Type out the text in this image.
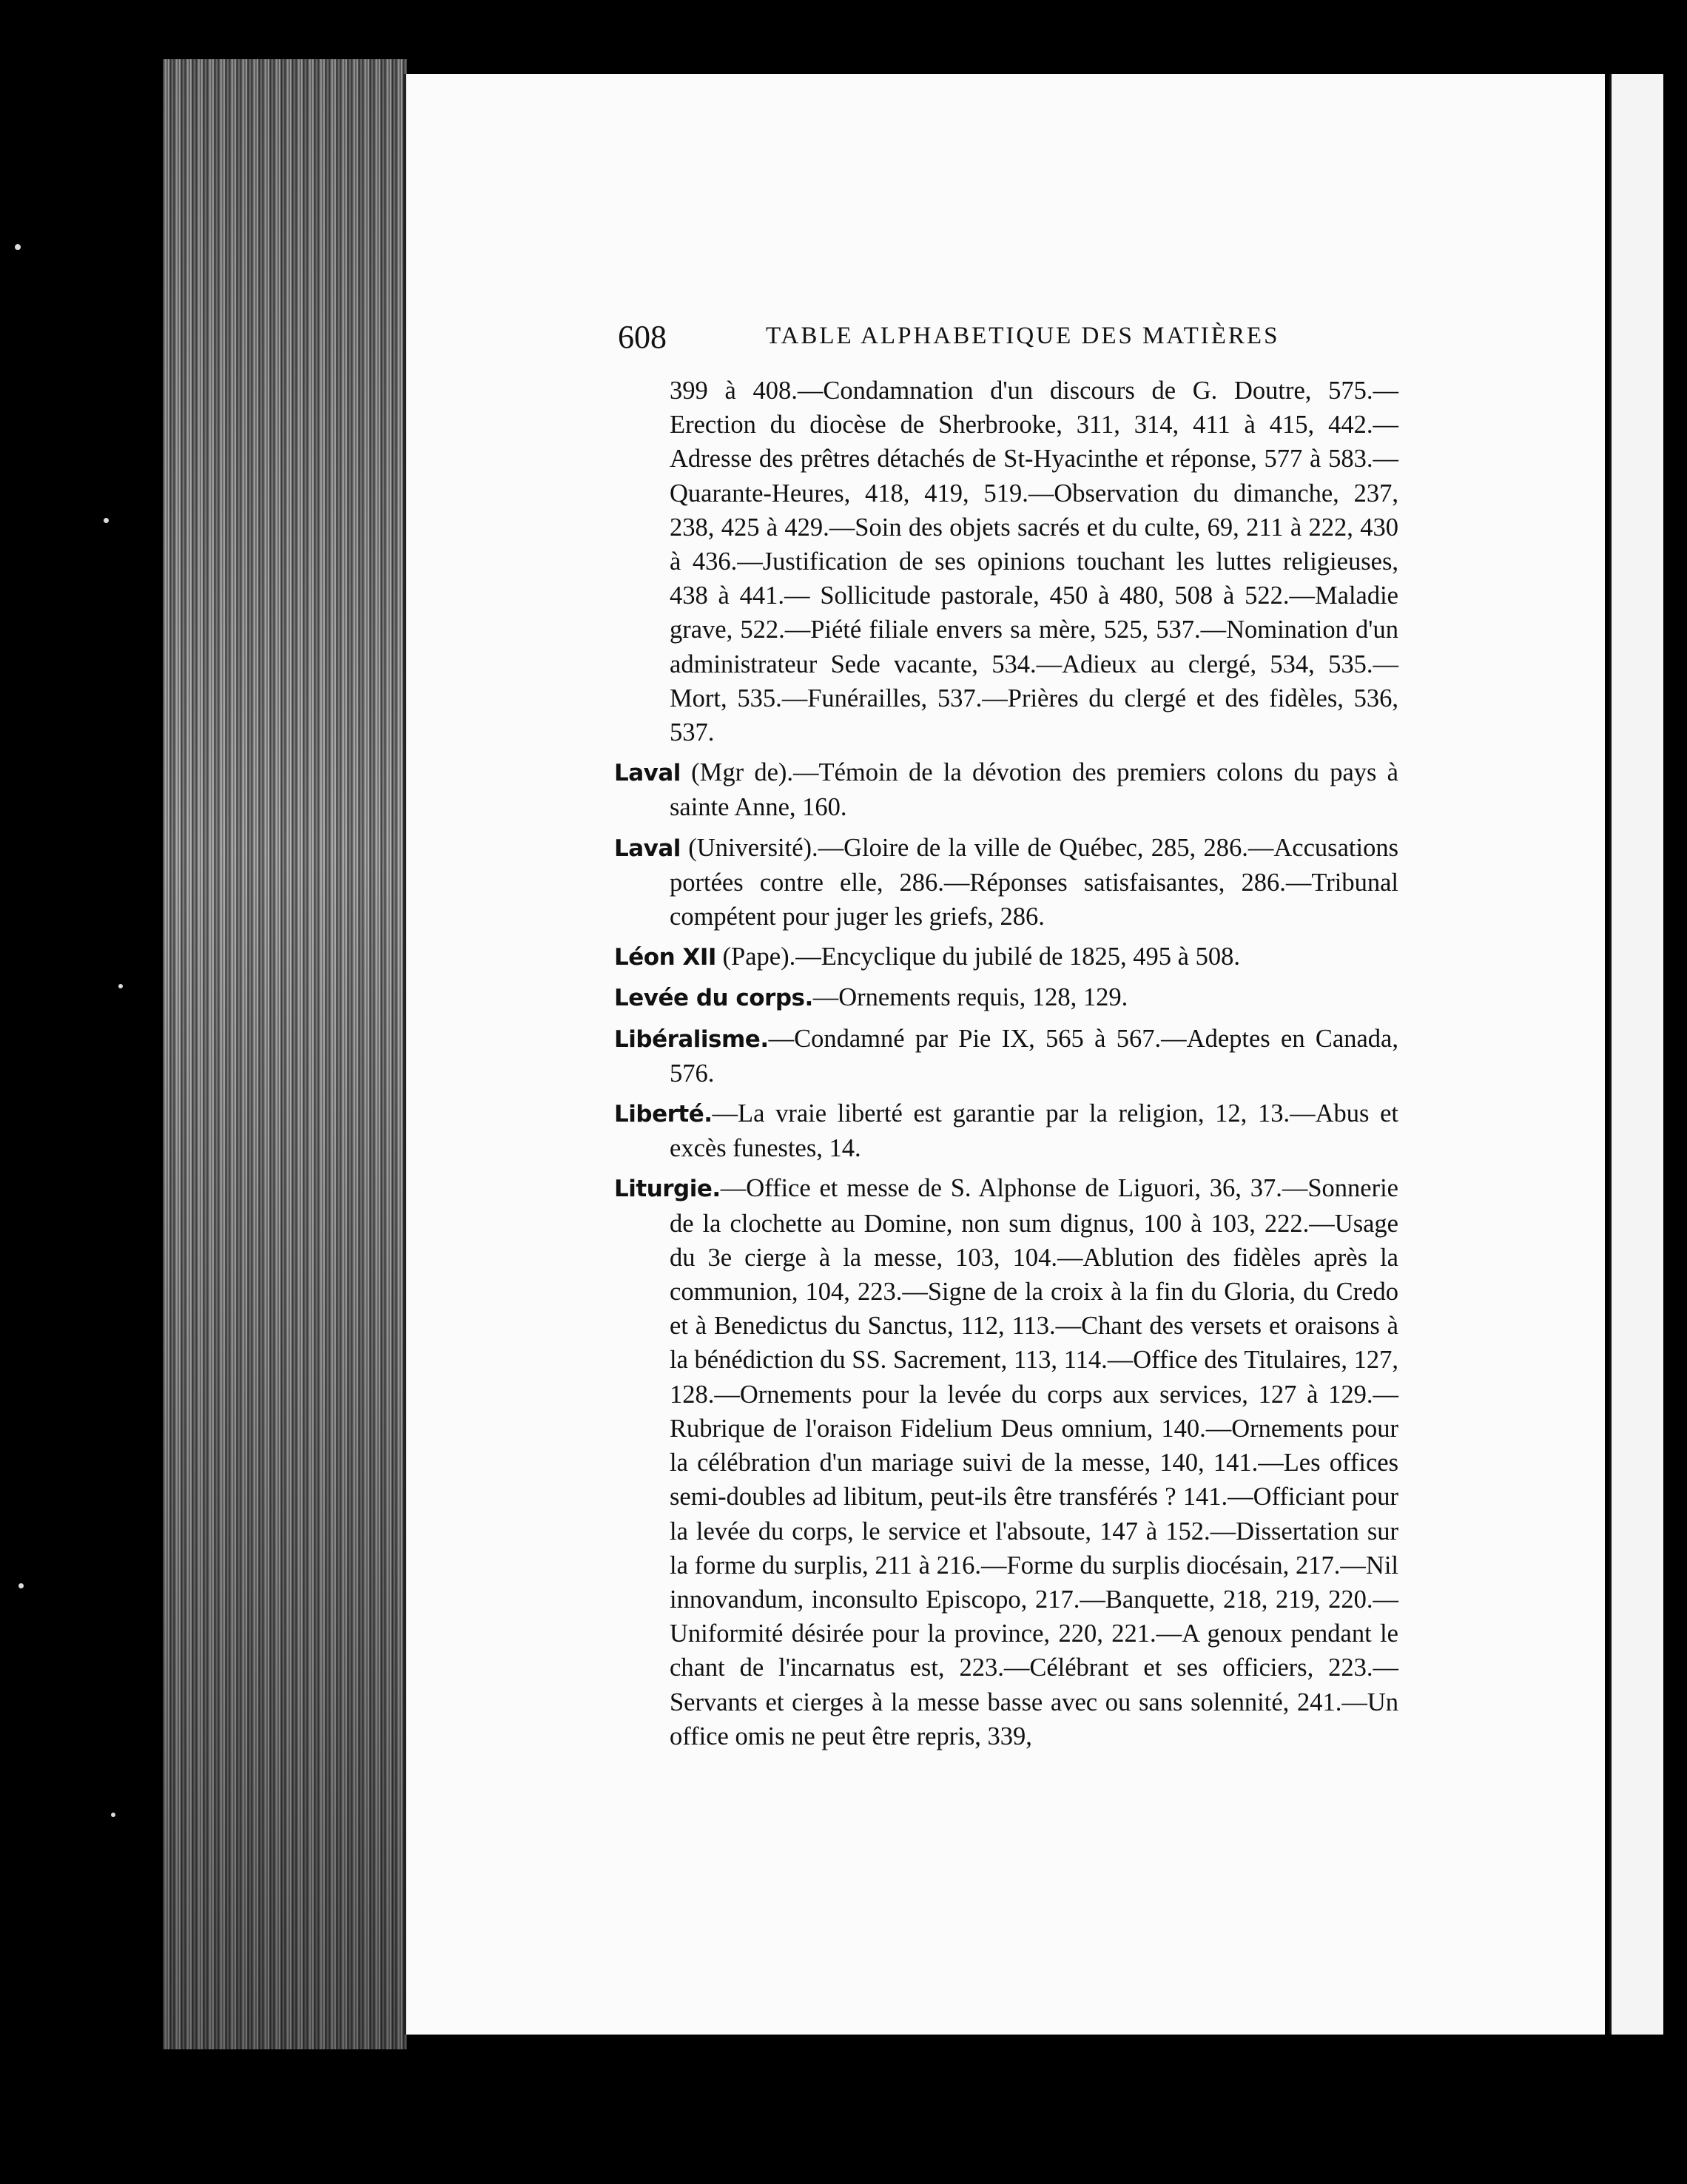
608	TABLE ALPHABETIQUE DES MATIÈRES

399 à 408.—Condamnation d'un discours de G. Doutre, 575.—Erection du diocèse de Sherbrooke, 311, 314, 411 à 415, 442.—Adresse des prêtres détachés de St-Hyacinthe et réponse, 577 à 583.—Quarante-Heures, 418, 419, 519.—Observation du dimanche, 237, 238, 425 à 429.—Soin des objets sacrés et du culte, 69, 211 à 222, 430 à 436.—Justification de ses opinions touchant les luttes religieuses, 438 à 441.— Sollicitude pastorale, 450 à 480, 508 à 522.—Maladie grave, 522.—Piété filiale envers sa mère, 525, 537.—Nomination d'un administrateur Sede vacante, 534.—Adieux au clergé, 534, 535.— Mort, 535.—Funérailles, 537.—Prières du clergé et des fidèles, 536, 537.

Laval (Mgr de).—Témoin de la dévotion des premiers colons du pays à sainte Anne, 160.

Laval (Université).—Gloire de la ville de Québec, 285, 286.—Accusations portées contre elle, 286.—Réponses satisfaisantes, 286.—Tribunal compétent pour juger les griefs, 286.

Léon XII (Pape).—Encyclique du jubilé de 1825, 495 à 508.

Levée du corps.—Ornements requis, 128, 129.

Libéralisme.—Condamné par Pie IX, 565 à 567.—Adeptes en Canada, 576.

Liberté.—La vraie liberté est garantie par la religion, 12, 13.—Abus et excès funestes, 14.

Liturgie.—Office et messe de S. Alphonse de Liguori, 36, 37.—Sonnerie de la clochette au Domine, non sum dignus, 100 à 103, 222.—Usage du 3e cierge à la messe, 103, 104.—Ablution des fidèles après la communion, 104, 223.—Signe de la croix à la fin du Gloria, du Credo et à Benedictus du Sanctus, 112, 113.—Chant des versets et oraisons à la bénédiction du SS. Sacrement, 113, 114.—Office des Titulaires, 127, 128.—Ornements pour la levée du corps aux services, 127 à 129.—Rubrique de l'oraison Fidelium Deus omnium, 140.—Ornements pour la célébration d'un mariage suivi de la messe, 140, 141.—Les offices semi-doubles ad libitum, peut-ils être transférés ? 141.—Officiant pour la levée du corps, le service et l'absoute, 147 à 152.—Dissertation sur la forme du surplis, 211 à 216.—Forme du surplis diocésain, 217.—Nil innovandum, inconsulto Episcopo, 217.—Banquette, 218, 219, 220.—Uniformité désirée pour la province, 220, 221.—A genoux pendant le chant de l'incarnatus est, 223.—Célébrant et ses officiers, 223.—Servants et cierges à la messe basse avec ou sans solennité, 241.—Un office omis ne peut être repris, 339,
